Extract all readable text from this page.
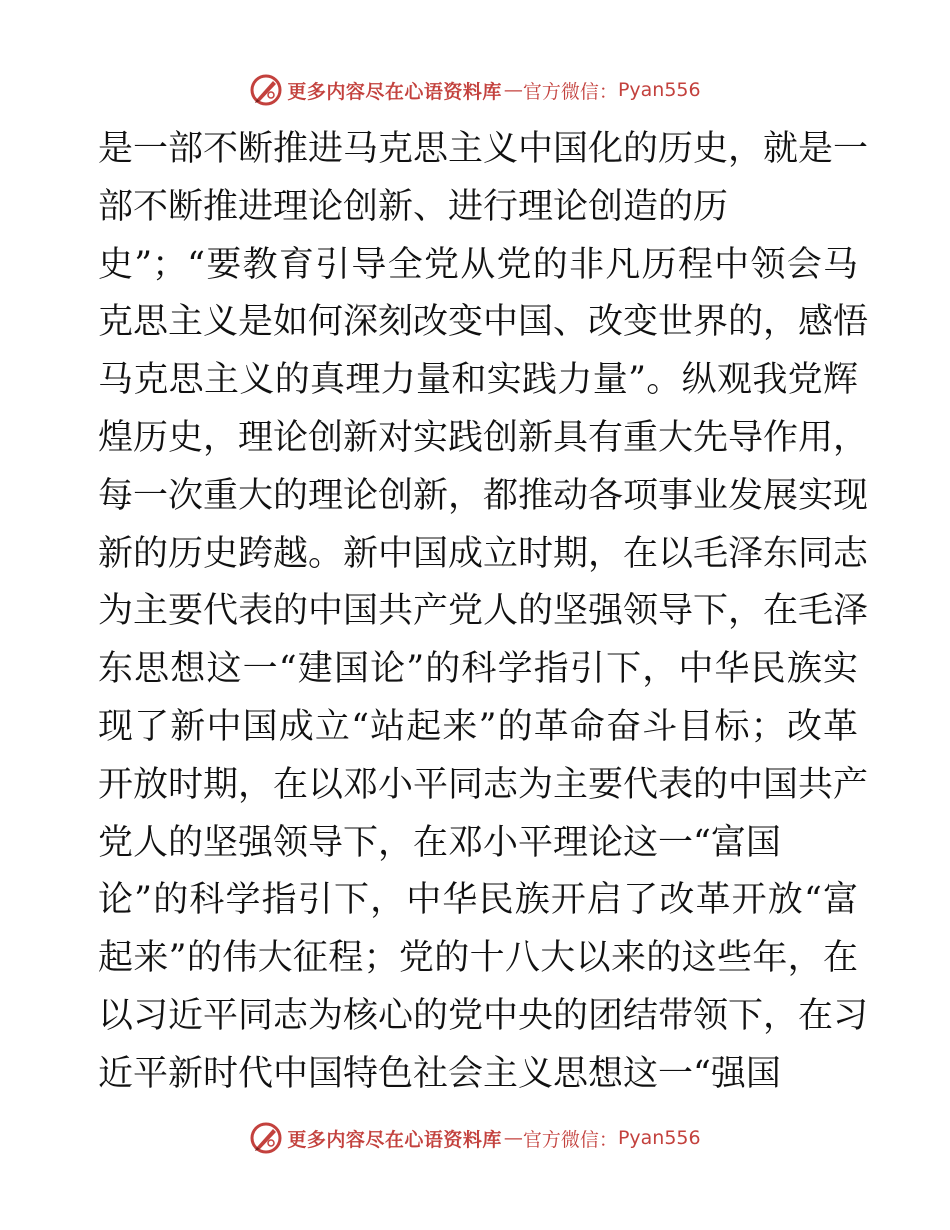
更多内容尽在心语资料库 — 官方微信： Pyan556
是一部不断推进马克思主义中国化的历史，就是一
部不断推进理论创新、进行理论创造的历
史”；“要教育引导全党从党的非凡历程中领会马
克思主义是如何深刻改变中国、改变世界的，感悟
马克思主义的真理力量和实践力量”。纵观我党辉
煌历史，理论创新对实践创新具有重大先导作用，
每一次重大的理论创新，都推动各项事业发展实现
新的历史跨越。新中国成立时期，在以毛泽东同志
为主要代表的中国共产党人的坚强领导下，在毛泽
东思想这一“建国论”的科学指引下，中华民族实
现了新中国成立“站起来”的革命奋斗目标；改革
开放时期，在以邓小平同志为主要代表的中国共产
党人的坚强领导下，在邓小平理论这一“富国
论”的科学指引下，中华民族开启了改革开放“富
起来”的伟大征程；党的十八大以来的这些年，在
以习近平同志为核心的党中央的团结带领下，在习
近平新时代中国特色社会主义思想这一“强国
更多内容尽在心语资料库 — 官方微信： Pyan556
